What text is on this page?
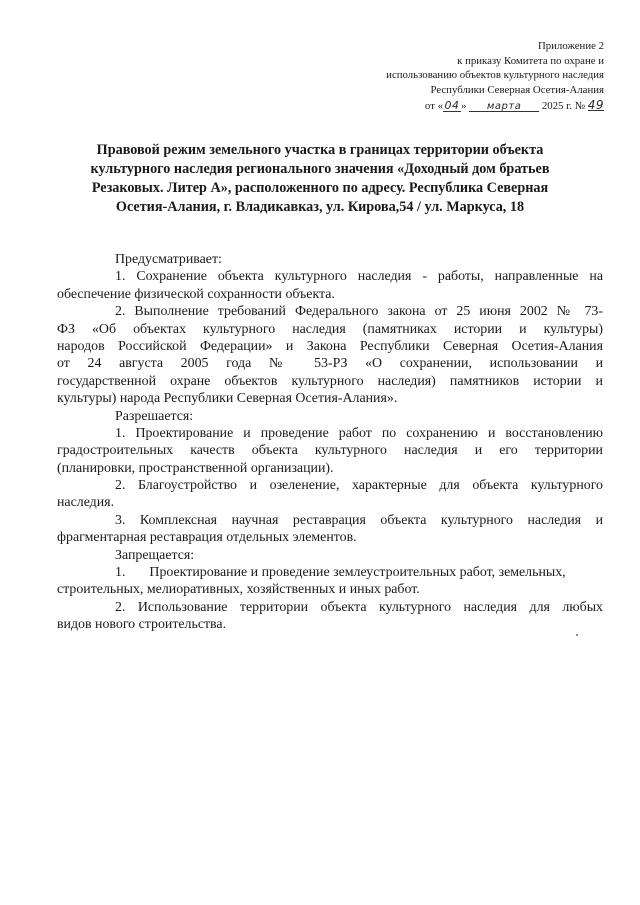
Приложение 2
к приказу Комитета по охране и
использованию объектов культурного наследия
Республики Северная Осетия-Алания
от « 04 » марта 2025 г. № 49
Правовой режим земельного участка в границах территории объекта
культурного наследия регионального значения «Доходный дом братьев
Резаковых. Литер А», расположенного по адресу. Республика Северная
Осетия-Алания, г. Владикавказ, ул. Кирова,54 / ул. Маркуса, 18
Предусматривает:
1. Сохранение объекта культурного наследия - работы, направленные на
обеспечение физической сохранности объекта.
2. Выполнение требований Федерального закона от 25 июня 2002 № 73-
ФЗ «Об объектах культурного наследия (памятниках истории и культуры)
народов Российской Федерации» и Закона Республики Северная Осетия-Алания
от 24 августа 2005 года № 53-РЗ «О сохранении, использовании и
государственной охране объектов культурного наследия) памятников истории и
культуры) народа Республики Северная Осетия-Алания».
Разрешается:
1. Проектирование и проведение работ по сохранению и восстановлению
градостроительных качеств объекта культурного наследия и его территории
(планировки, пространственной организации).
2. Благоустройство и озеленение, характерные для объекта культурного
наследия.
3. Комплексная научная реставрация объекта культурного наследия и
фрагментарная реставрация отдельных элементов.
Запрещается:
1. Проектирование и проведение землеустроительных работ, земельных,
строительных, мелиоративных, хозяйственных и иных работ.
2. Использование территории объекта культурного наследия для любых
видов нового строительства.
